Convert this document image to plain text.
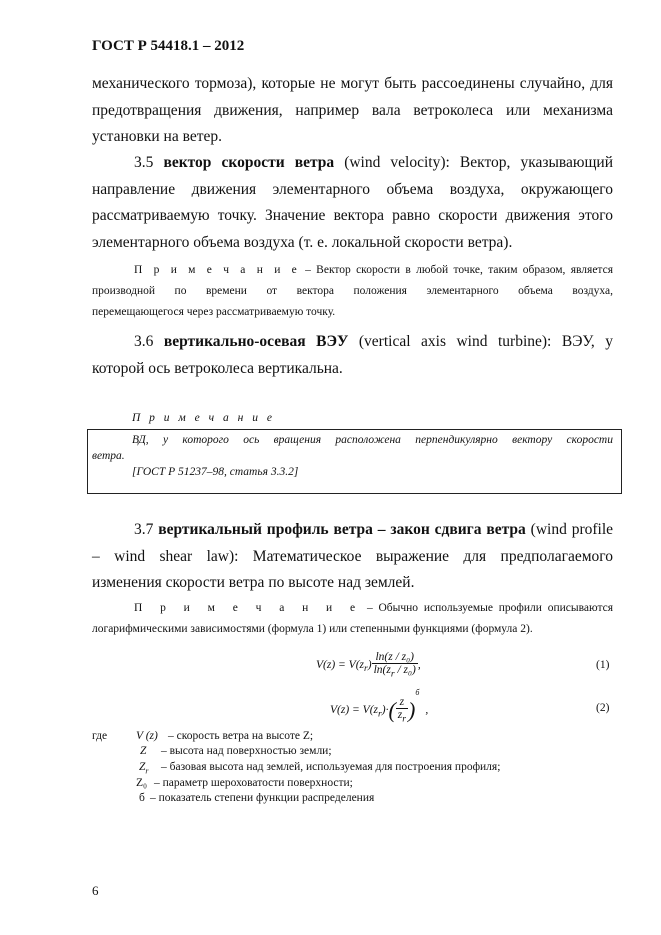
ГОСТ Р 54418.1 – 2012
механического тормоза), которые не могут быть рассоединены случайно, для
предотвращения движения, например вала ветроколеса или механизма
установки на ветер.
3.5 вектор скорости ветра (wind velocity): Вектор, указывающий
направление движения элементарного объема воздуха, окружающего
рассматриваемую точку. Значение вектора равно скорости движения этого
элементарного объема воздуха (т. е. локальной скорости ветра).
П р и м е ч а н и е – Вектор скорости в любой точке, таким образом, является
производной по времени от вектора положения элементарного объема воздуха,
перемещающегося через рассматриваемую точку.
3.6 вертикально-осевая ВЭУ (vertical axis wind turbine): ВЭУ, у
которой ось ветроколеса вертикальна.
П р и м е ч а н и е
ВД, у которого ось вращения расположена перпендикулярно вектору скорости
ветра.
[ГОСТ Р 51237–98, статья 3.3.2]
3.7 вертикальный профиль ветра – закон сдвига ветра (wind profile
– wind shear law): Математическое выражение для предполагаемого
изменения скорости ветра по высоте над землей.
П р и м е ч а н и е – Обычно используемые профили описываются
логарифмическими зависимостями (формула 1) или степенными функциями (формула 2).
$V(z) = V(z_r) \frac{\text{ln(z / z₀)}}{\ln(z_r / z_0)}$ ,	(1)
$V(z) = V(z_r)\cdot( \frac{z}{z_r} )^б$,	(2)
где	V (z) – скорость ветра на высоте Z;
Z – высота над поверхностью земли;
$Z_r$ – базовая высота над землей, используемая для построения профиля;
Z₀ – параметр шероховатости поверхности;
б – показатель степени функции распределения
6
